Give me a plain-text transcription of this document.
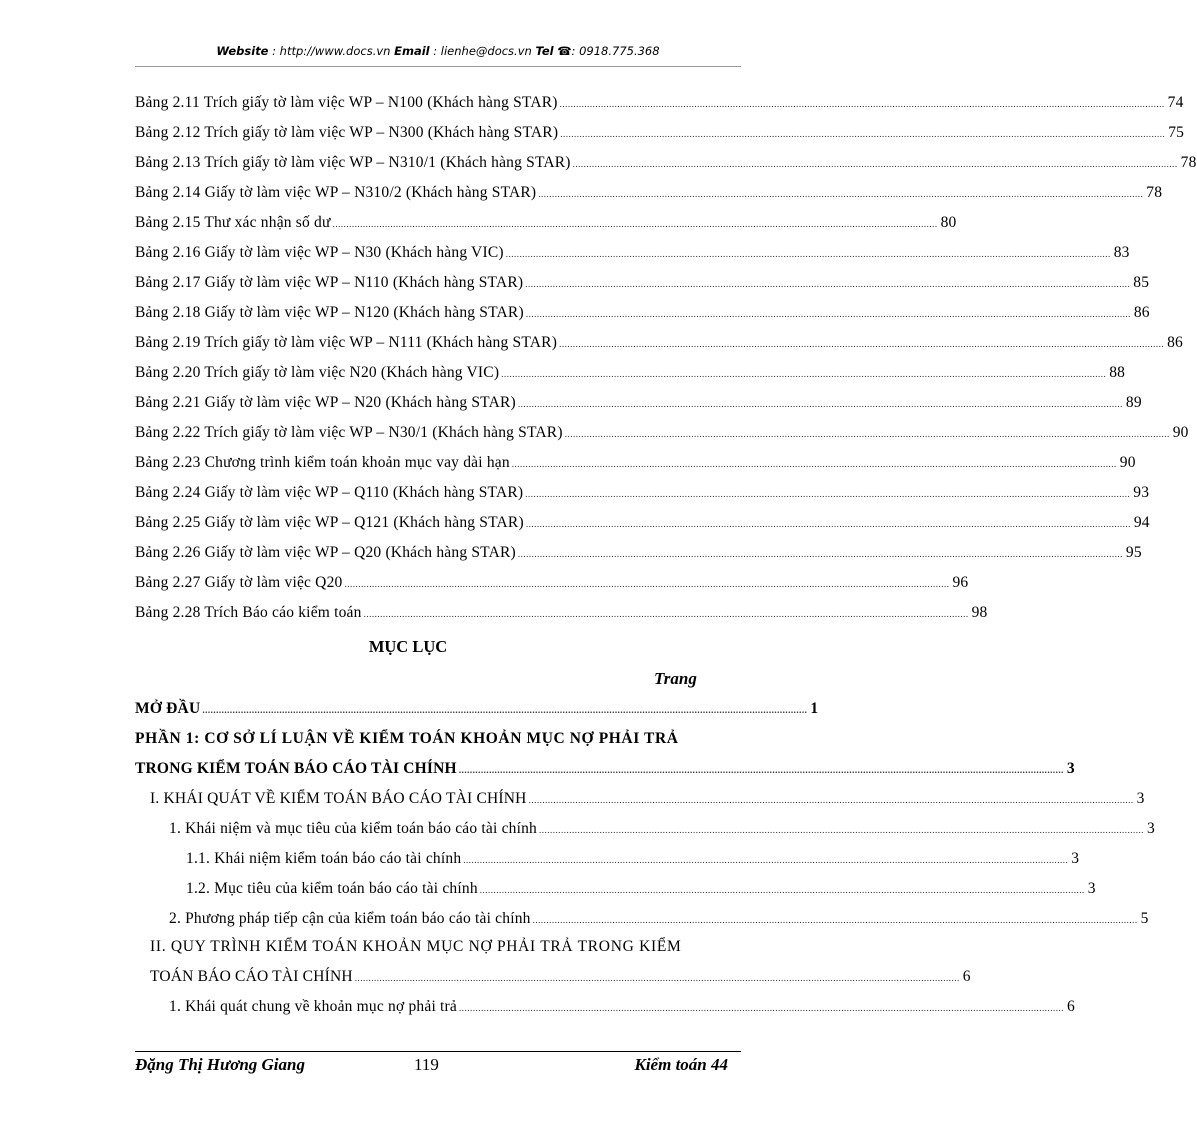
Website : http://www.docs.vn Email : lienhe@docs.vn Tel ☎: 0918.775.368
Bảng 2.11 Trích giấy tờ làm việc WP – N100 (Khách hàng STAR) ............................................................................................................................................................................................................................ 74
Bảng 2.12 Trích giấy tờ làm việc WP – N300 (Khách hàng STAR) ............................................................................................................................................................................................................................ 75
Bảng 2.13 Trích giấy tờ làm việc WP – N310/1 (Khách hàng STAR) ............................................................................................................................................................................................................................ 78
Bảng 2.14 Giấy tờ làm việc WP – N310/2 (Khách hàng STAR) ............................................................................................................................................................................................................................ 78
Bảng 2.15 Thư xác nhận số dư ............................................................................................................................................................................................................................ 80
Bảng 2.16 Giấy tờ làm việc WP – N30 (Khách hàng VIC) ............................................................................................................................................................................................................................ 83
Bảng 2.17 Giấy tờ làm việc WP – N110 (Khách hàng STAR) ............................................................................................................................................................................................................................ 85
Bảng 2.18 Giấy tờ làm việc WP – N120 (Khách hàng STAR) ............................................................................................................................................................................................................................ 86
Bảng 2.19 Trích giấy tờ làm việc WP – N111 (Khách hàng STAR) ............................................................................................................................................................................................................................ 86
Bảng 2.20 Trích giấy tờ làm việc N20 (Khách hàng VIC) ............................................................................................................................................................................................................................ 88
Bảng 2.21 Giấy tờ làm việc WP – N20 (Khách hàng STAR) ............................................................................................................................................................................................................................ 89
Bảng 2.22 Trích giấy tờ làm việc WP – N30/1 (Khách hàng STAR) ............................................................................................................................................................................................................................ 90
Bảng 2.23 Chương trình kiểm toán khoản mục vay dài hạn ............................................................................................................................................................................................................................ 90
Bảng 2.24 Giấy tờ làm việc WP – Q110 (Khách hàng STAR) ............................................................................................................................................................................................................................ 93
Bảng 2.25 Giấy tờ làm việc WP – Q121 (Khách hàng STAR) ............................................................................................................................................................................................................................ 94
Bảng 2.26 Giấy tờ làm việc WP – Q20 (Khách hàng STAR) ............................................................................................................................................................................................................................ 95
Bảng 2.27 Giấy tờ làm việc Q20 ............................................................................................................................................................................................................................ 96
Bảng 2.28 Trích Báo cáo kiểm toán ............................................................................................................................................................................................................................ 98
MỤC LỤC
Trang
MỞ ĐẦU ............................................................................................................................................................................................................................ 1
PHẦN 1: CƠ SỞ LÍ LUẬN VỀ KIỂM TOÁN KHOẢN MỤC NỢ PHẢI TRẢ
TRONG KIỂM TOÁN BÁO CÁO TÀI CHÍNH ............................................................................................................................................................................................................................ 3
I. KHÁI QUÁT VỀ KIỂM TOÁN BÁO CÁO TÀI CHÍNH ............................................................................................................................................................................................................................ 3
1. Khái niệm và mục tiêu của kiểm toán báo cáo tài chính ............................................................................................................................................................................................................................ 3
1.1. Khái niệm kiểm toán báo cáo tài chính ............................................................................................................................................................................................................................ 3
1.2. Mục tiêu của kiểm toán báo cáo tài chính ............................................................................................................................................................................................................................ 3
2. Phương pháp tiếp cận của kiểm toán báo cáo tài chính ............................................................................................................................................................................................................................ 5
II. QUY TRÌNH KIỂM TOÁN KHOẢN MỤC NỢ PHẢI TRẢ TRONG KIỂM
TOÁN BÁO CÁO TÀI CHÍNH ............................................................................................................................................................................................................................ 6
1. Khái quát chung về khoản mục nợ phải trả ............................................................................................................................................................................................................................ 6
Đặng Thị Hương Giang	119	Kiểm toán 44
